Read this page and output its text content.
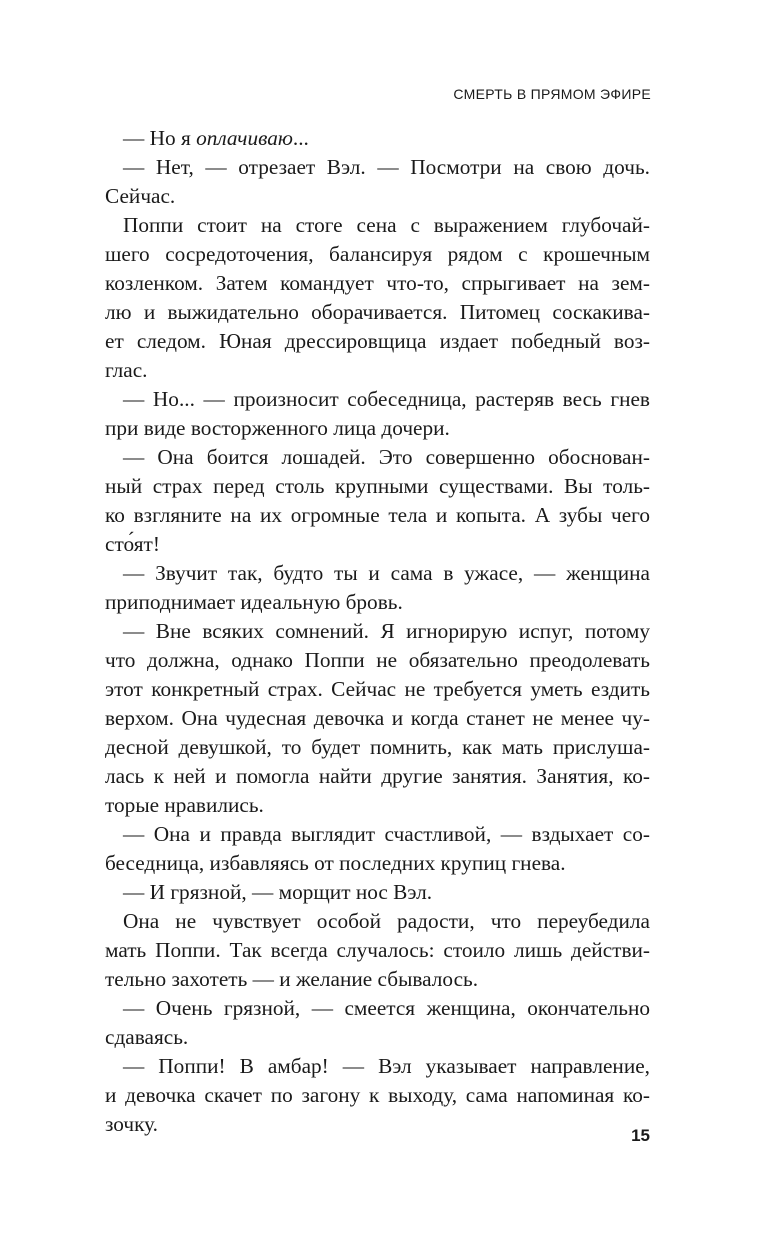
СМЕРТЬ В ПРЯМОМ ЭФИРЕ
— Но я оплачиваю...
— Нет, — отрезает Вэл. — Посмотри на свою дочь.
Сейчас.
Поппи стоит на стоге сена с выражением глубочай-
шего сосредоточения, балансируя рядом с крошечным
козленком. Затем командует что-то, спрыгивает на зем-
лю и выжидательно оборачивается. Питомец соскакива-
ет следом. Юная дрессировщица издает победный воз-
глас.
— Но... — произносит собеседница, растеряв весь гнев
при виде восторженного лица дочери.
— Она боится лошадей. Это совершенно обоснован-
ный страх перед столь крупными существами. Вы толь-
ко взгляните на их огромные тела и копыта. А зубы чего
сто́ят!
— Звучит так, будто ты и сама в ужасе, — женщина
приподнимает идеальную бровь.
— Вне всяких сомнений. Я игнорирую испуг, потому
что должна, однако Поппи не обязательно преодолевать
этот конкретный страх. Сейчас не требуется уметь ездить
верхом. Она чудесная девочка и когда станет не менее чу-
десной девушкой, то будет помнить, как мать прислуша-
лась к ней и помогла найти другие занятия. Занятия, ко-
торые нравились.
— Она и правда выглядит счастливой, — вздыхает со-
беседница, избавляясь от последних крупиц гнева.
— И грязной, — морщит нос Вэл.
Она не чувствует особой радости, что переубедила
мать Поппи. Так всегда случалось: стоило лишь действи-
тельно захотеть — и желание сбывалось.
— Очень грязной, — смеется женщина, окончательно
сдаваясь.
— Поппи! В амбар! — Вэл указывает направление,
и девочка скачет по загону к выходу, сама напоминая ко-
зочку.	15
